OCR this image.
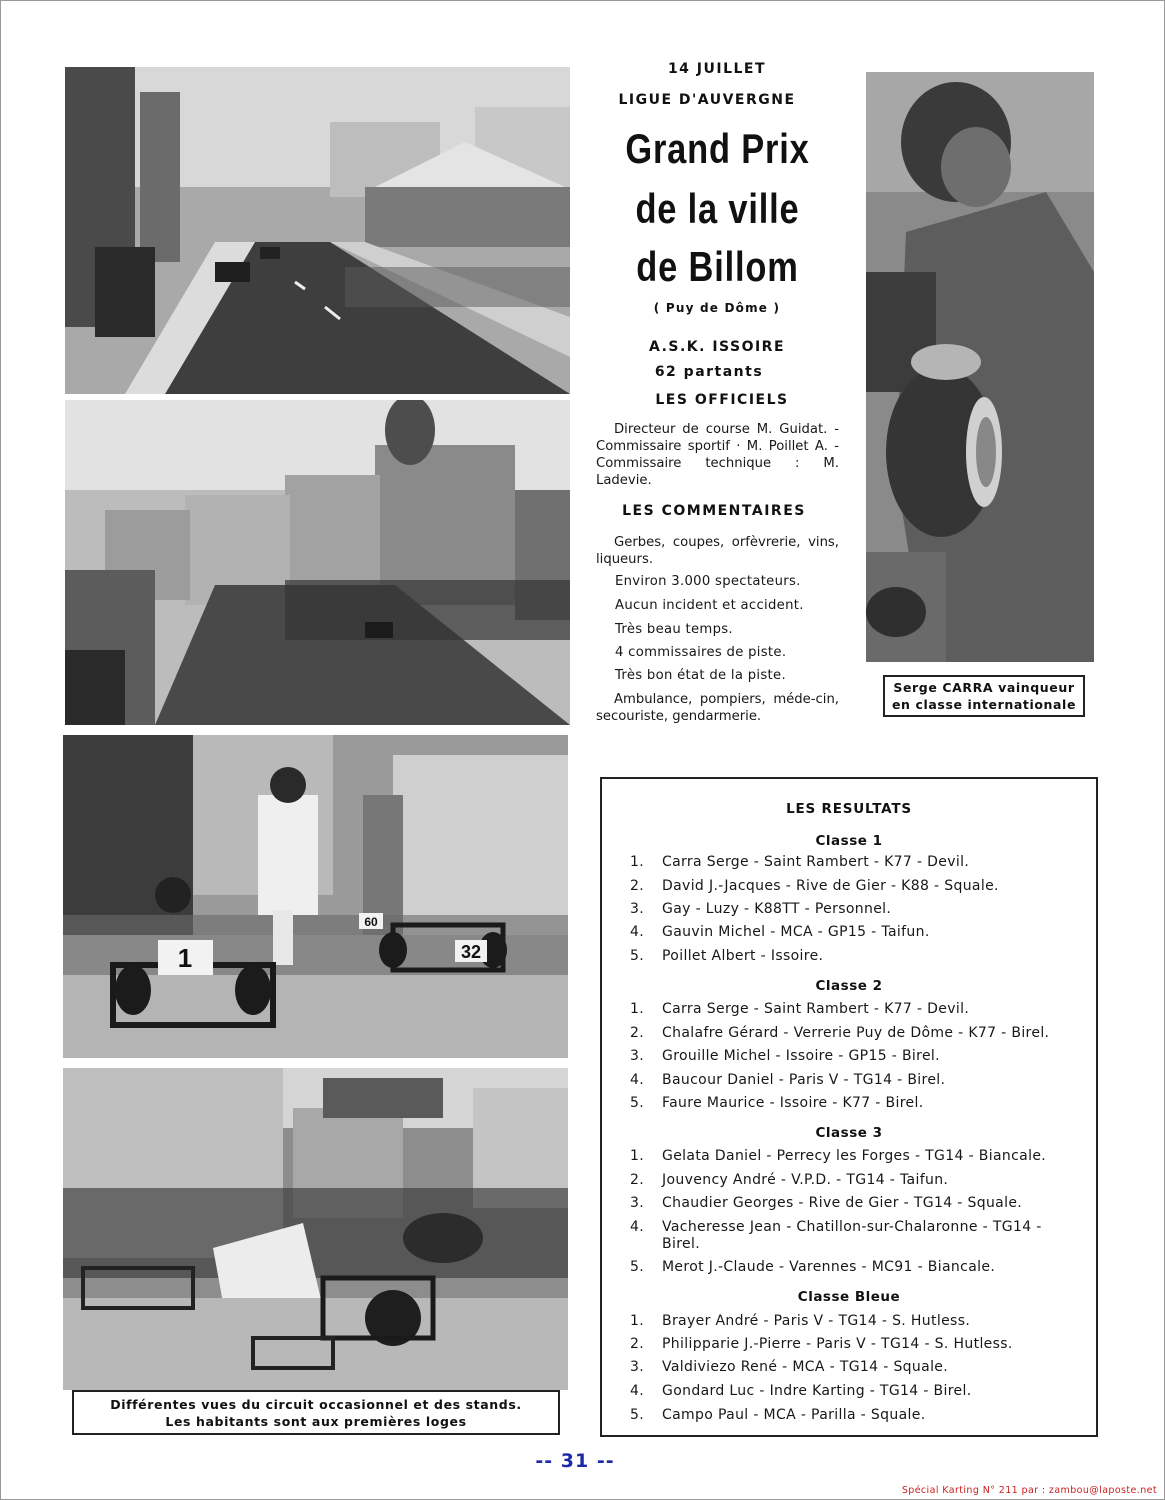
1	32
60
Différentes vues du circuit occasionnel et des stands.
Les habitants sont aux premières loges
14 JUILLET
LIGUE D'AUVERGNE
Grand Prix
de la ville
de Billom
( Puy de Dôme )
A.S.K. ISSOIRE
62 partants
LES OFFICIELS
Directeur de course M. Guidat. - Commissaire sportif · M. Poillet A. - Commissaire technique : M. Ladevie.
LES COMMENTAIRES
Gerbes, coupes, orfèvrerie, vins, liqueurs.
Environ 3.000 spectateurs.
Aucun incident et accident.
Très beau temps.
4 commissaires de piste.
Très bon état de la piste.
Ambulance, pompiers, méde-cin, secouriste, gendarmerie.
Serge CARRA vainqueur
en classe internationale
LES RESULTATS
Classe 1
1.	Carra Serge - Saint Rambert - K77 - Devil.
2.	David J.-Jacques - Rive de Gier - K88 - Squale.
3.	Gay - Luzy - K88TT - Personnel.
4.	Gauvin Michel - MCA - GP15 - Taifun.
5.	Poillet Albert - Issoire.
Classe 2
1.	Carra Serge - Saint Rambert - K77 - Devil.
2.	Chalafre Gérard - Verrerie Puy de Dôme - K77 - Birel.
3.	Grouille Michel - Issoire - GP15 - Birel.
4.	Baucour Daniel - Paris V - TG14 - Birel.
5.	Faure Maurice - Issoire - K77 - Birel.
Classe 3
1.	Gelata Daniel - Perrecy les Forges - TG14 - Biancale.
2.	Jouvency André - V.P.D. - TG14 - Taifun.
3.	Chaudier Georges - Rive de Gier - TG14 - Squale.
4.	Vacheresse Jean - Chatillon-sur-Chalaronne - TG14 - Birel.
5.	Merot J.-Claude - Varennes - MC91 - Biancale.
Classe Bleue
1.	Brayer André - Paris V - TG14 - S. Hutless.
2.	Philipparie J.-Pierre - Paris V - TG14 - S. Hutless.
3.	Valdiviezo René - MCA - TG14 - Squale.
4.	Gondard Luc - Indre Karting - TG14 - Birel.
5.	Campo Paul - MCA - Parilla - Squale.
-- 31 --
Spécial Karting N° 211 par : zambou@laposte.net
